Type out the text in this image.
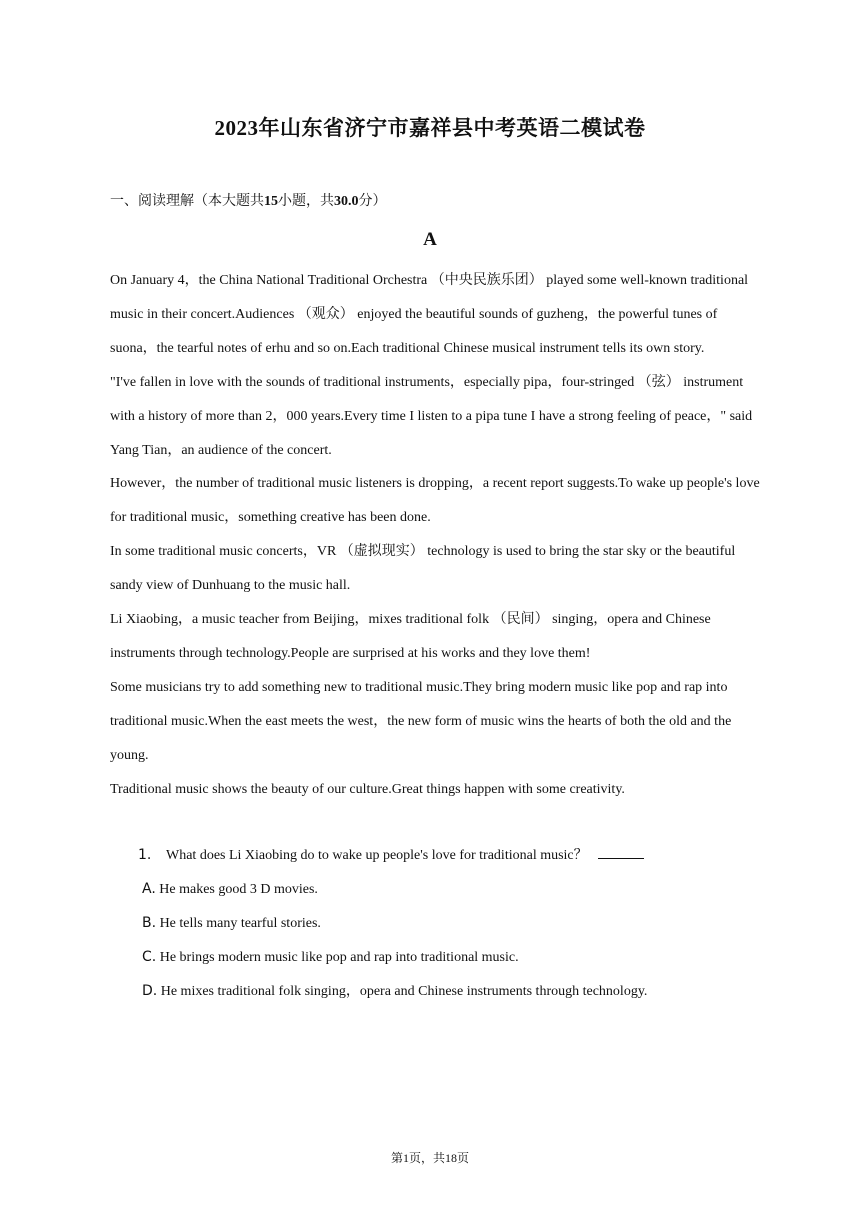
2023年山东省济宁市嘉祥县中考英语二模试卷
一、阅读理解（本大题共15小题，共30.0分）
A

On January 4，the China National Traditional Orchestra （中央民族乐团） played some well-known traditional music in their concert.Audiences （观众） enjoyed the beautiful sounds of guzheng，the powerful tunes of suona，the tearful notes of erhu and so on.Each traditional Chinese musical instrument tells its own story.

"I've fallen in love with the sounds of traditional instruments，especially pipa，four-stringed （弦） instrument with a history of more than 2，000 years.Every time I listen to a pipa tune I have a strong feeling of peace，" said Yang Tian，an audience of the concert.

However，the number of traditional music listeners is dropping，a recent report suggests.To wake up people's love for traditional music，something creative has been done.

In some traditional music concerts，VR （虚拟现实） technology is used to bring the star sky or the beautiful sandy view of Dunhuang to the music hall.

Li Xiaobing，a music teacher from Beijing，mixes traditional folk （民间） singing，opera and Chinese instruments through technology.People are surprised at his works and they love them!

Some musicians try to add something new to traditional music.They bring modern music like pop and rap into traditional music.When the east meets the west，the new form of music wins the hearts of both the old and the young.

Traditional music shows the beauty of our culture.Great things happen with some creativity.

1. What does Li Xiaobing do to wake up people's love for traditional music？
A. He makes good 3 D movies.
B. He tells many tearful stories.
C. He brings modern music like pop and rap into traditional music.
D. He mixes traditional folk singing，opera and Chinese instruments through technology.
第1页，共18页
